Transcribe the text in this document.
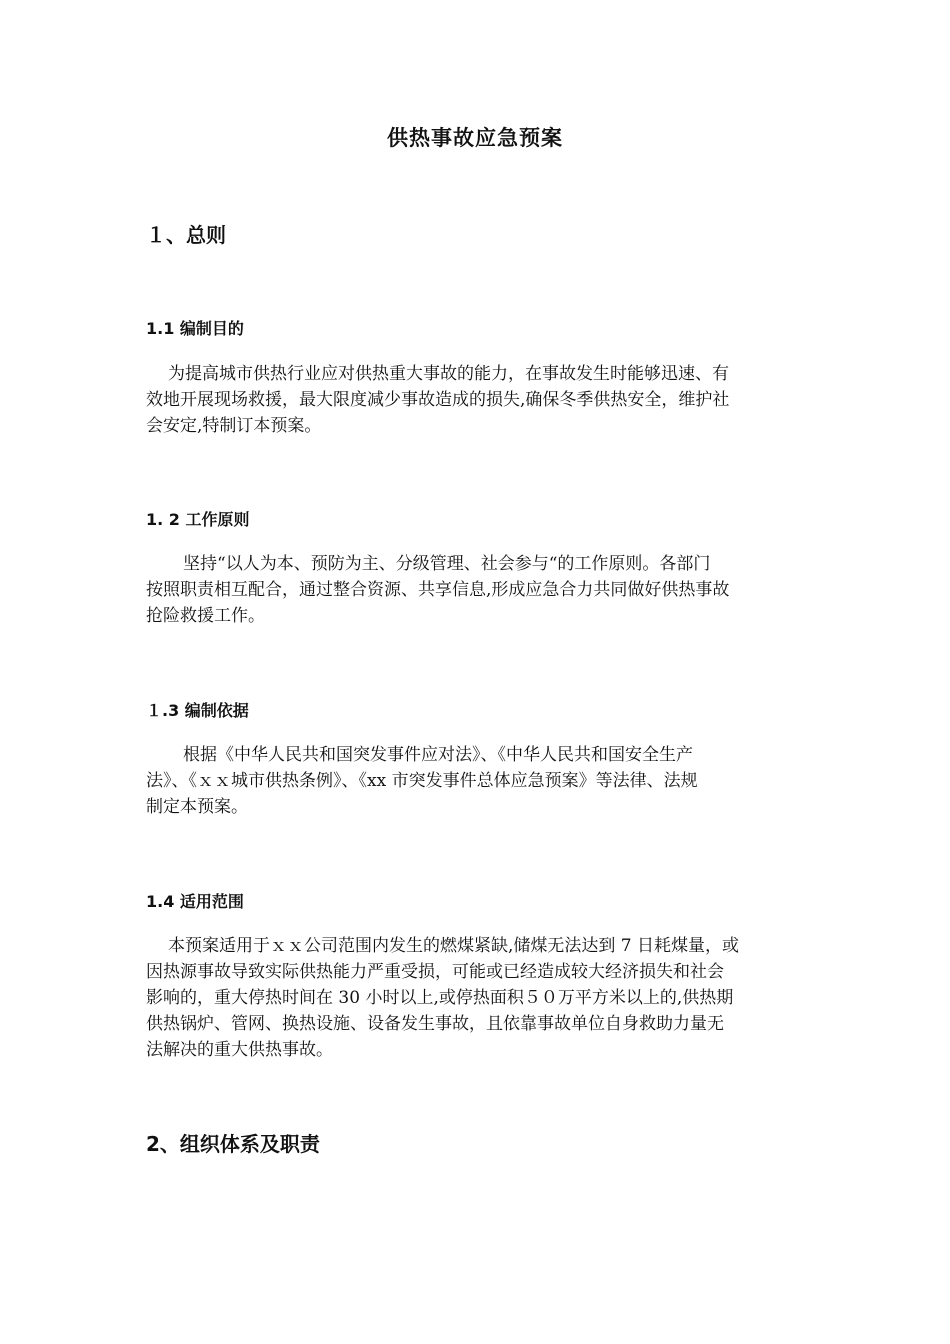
供热事故应急预案
１、总则
1.1 编制目的
为提高城市供热行业应对供热重大事故的能力，在事故发生时能够迅速、有
效地开展现场救援，最大限度减少事故造成的损失,确保冬季供热安全，维护社
会安定,特制订本预案。
1. 2 工作原则
坚持“以人为本、预防为主、分级管理、社会参与“的工作原则。各部门
按照职责相互配合，通过整合资源、共享信息,形成应急合力共同做好供热事故
抢险救援工作。
１.3 编制依据
根据《中华人民共和国突发事件应对法》、《中华人民共和国安全生产
法》、《ｘｘ城市供热条例》、《xx 市突发事件总体应急预案》等法律、法规
制定本预案。
1.4 适用范围
本预案适用于ｘｘ公司范围内发生的燃煤紧缺,储煤无法达到 7 日耗煤量，或
因热源事故导致实际供热能力严重受损，可能或已经造成较大经济损失和社会
影响的，重大停热时间在 30 小时以上,或停热面积５０万平方米以上的,供热期
供热锅炉、管网、换热设施、设备发生事故，且依靠事故单位自身救助力量无
法解决的重大供热事故。
2、组织体系及职责
